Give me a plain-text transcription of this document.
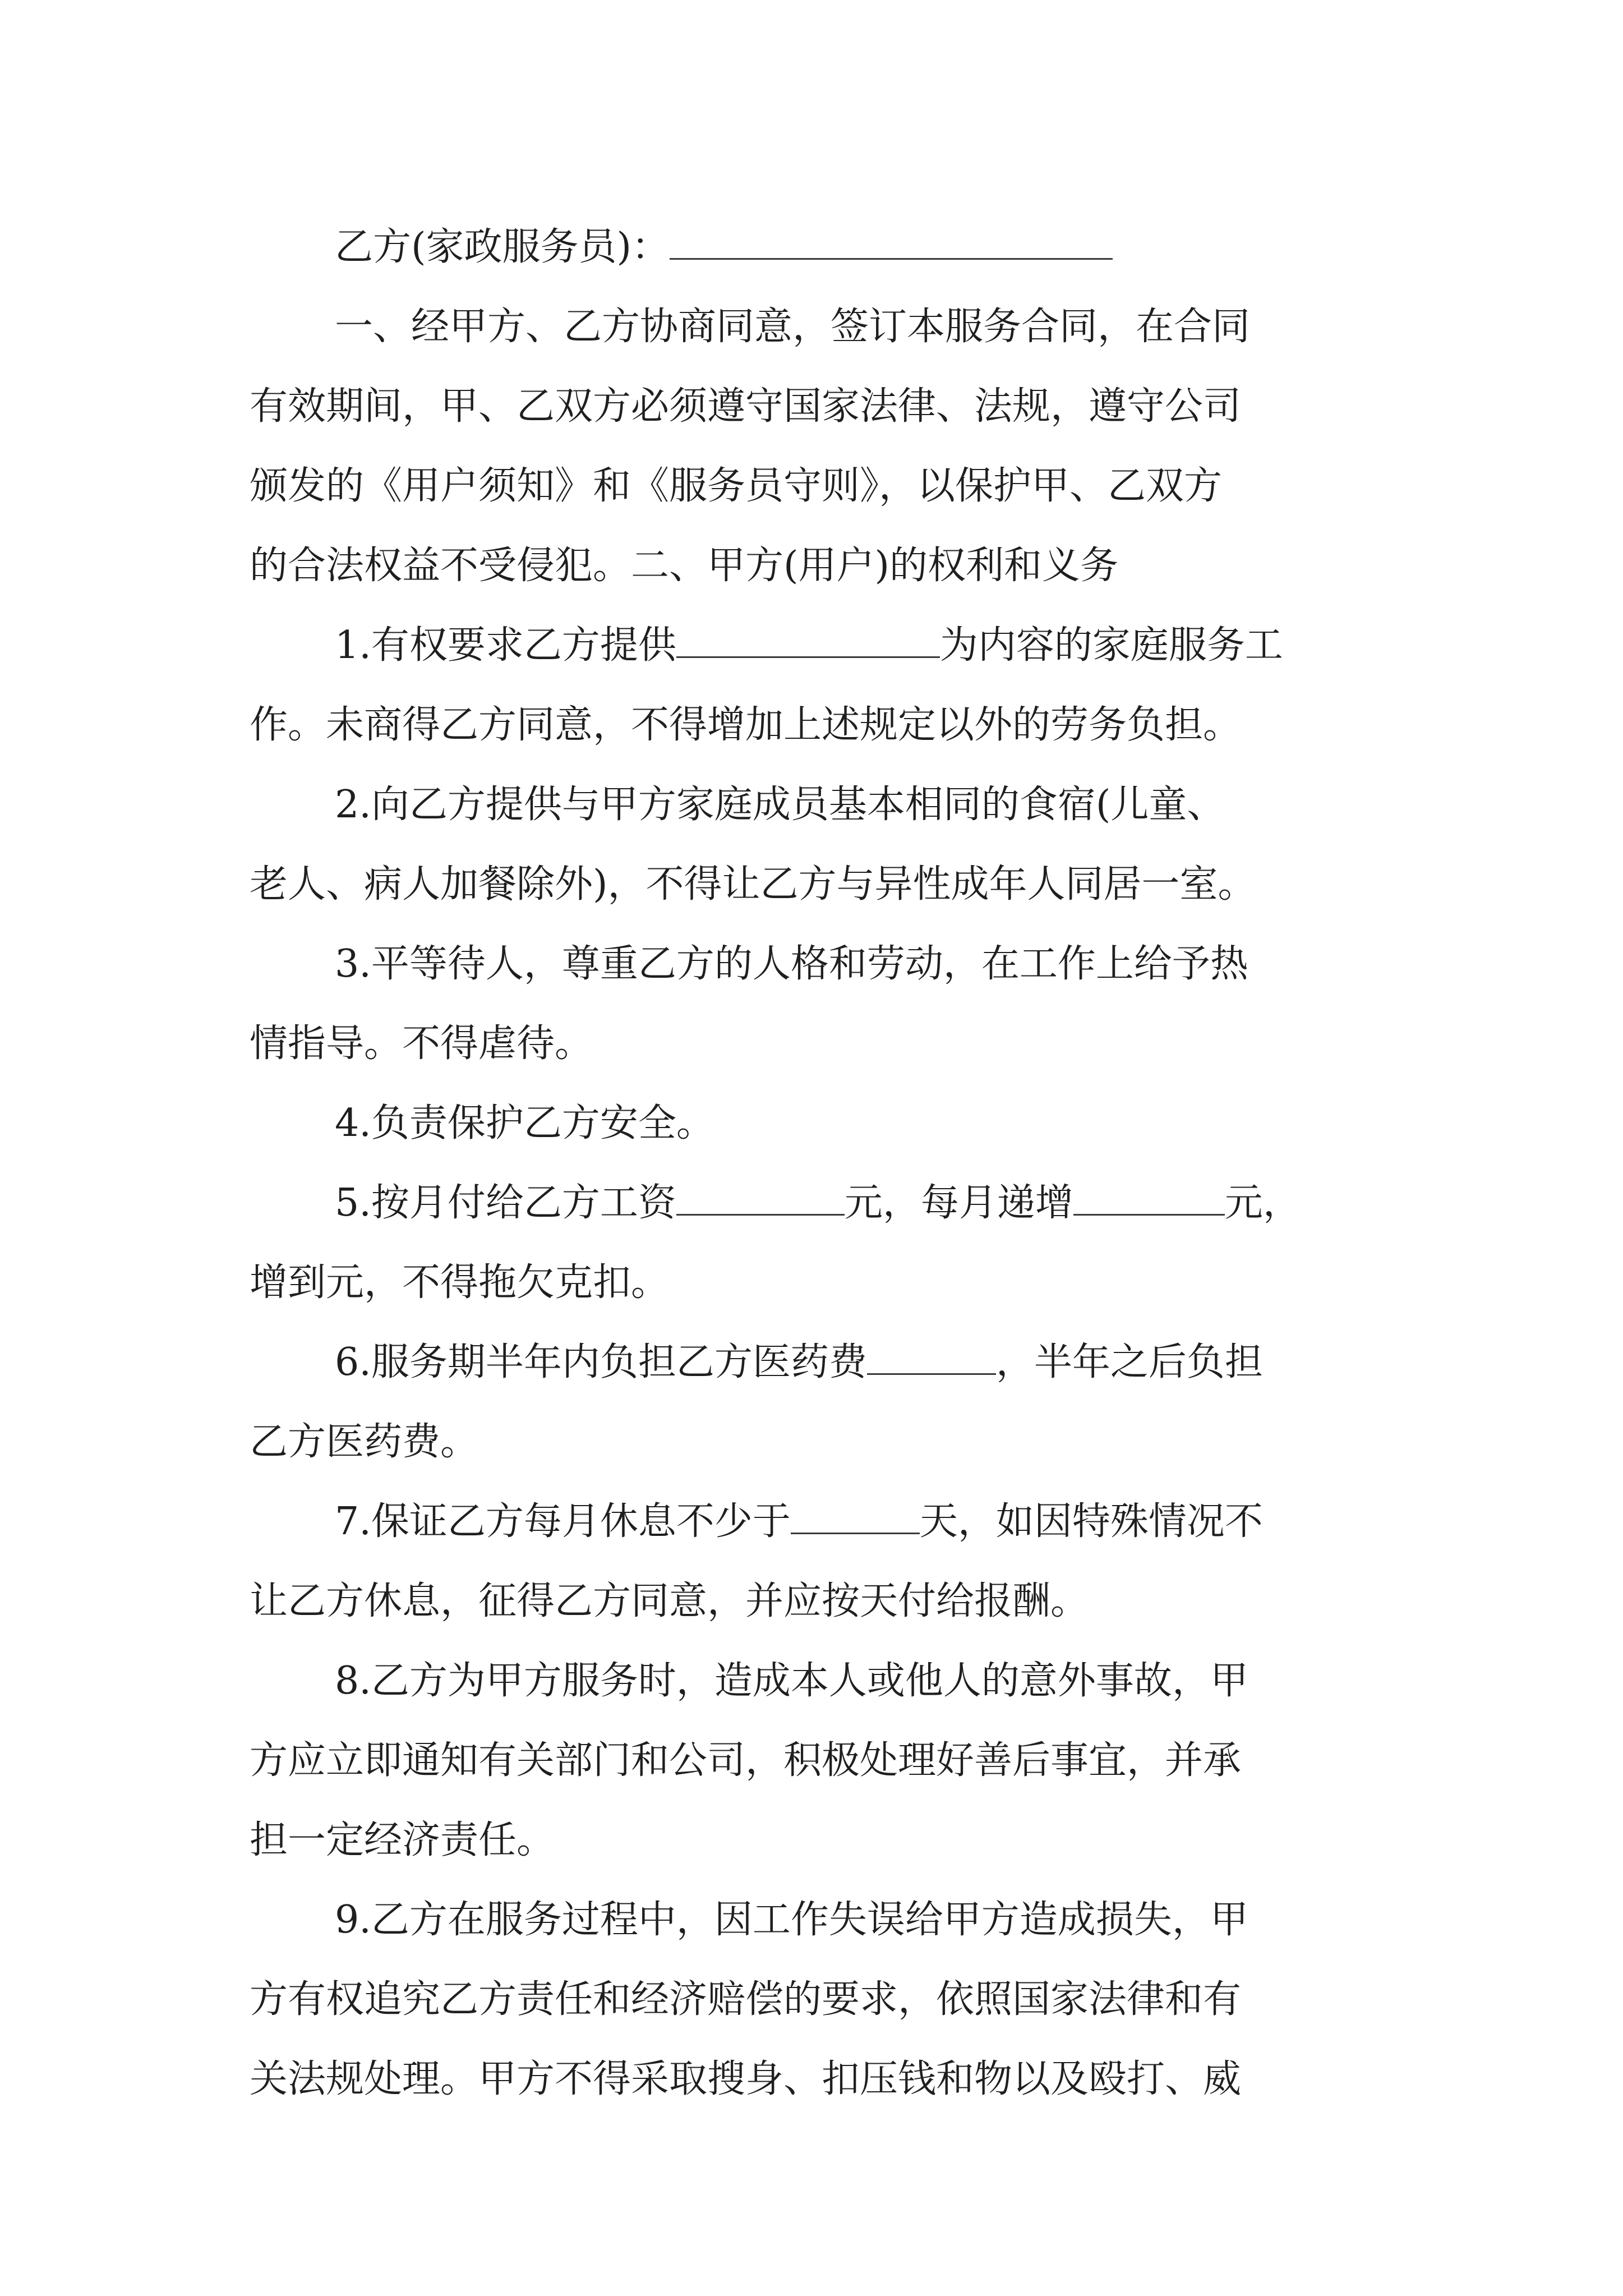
乙方(家政服务员)：
一、经甲方、乙方协商同意，签订本服务合同，在合同
有效期间，甲、乙双方必须遵守国家法律、法规，遵守公司
颁发的《用户须知》和《服务员守则》，以保护甲、乙双方
的合法权益不受侵犯。二、甲方(用户)的权利和义务
1.有权要求乙方提供	为内容的家庭服务工
作。未商得乙方同意，不得增加上述规定以外的劳务负担。
2.向乙方提供与甲方家庭成员基本相同的食宿(儿童、
老人、病人加餐除外)，不得让乙方与异性成年人同居一室。
3.平等待人，尊重乙方的人格和劳动，在工作上给予热
情指导。不得虐待。
4.负责保护乙方安全。
5.按月付给乙方工资	元，每月递增	元，
增到元，不得拖欠克扣。
6.服务期半年内负担乙方医药费	，半年之后负担
乙方医药费。
7.保证乙方每月休息不少于	天，如因特殊情况不
让乙方休息，征得乙方同意，并应按天付给报酬。
8.乙方为甲方服务时，造成本人或他人的意外事故，甲
方应立即通知有关部门和公司，积极处理好善后事宜，并承
担一定经济责任。
9.乙方在服务过程中，因工作失误给甲方造成损失，甲
方有权追究乙方责任和经济赔偿的要求，依照国家法律和有
关法规处理。甲方不得采取搜身、扣压钱和物以及殴打、威
